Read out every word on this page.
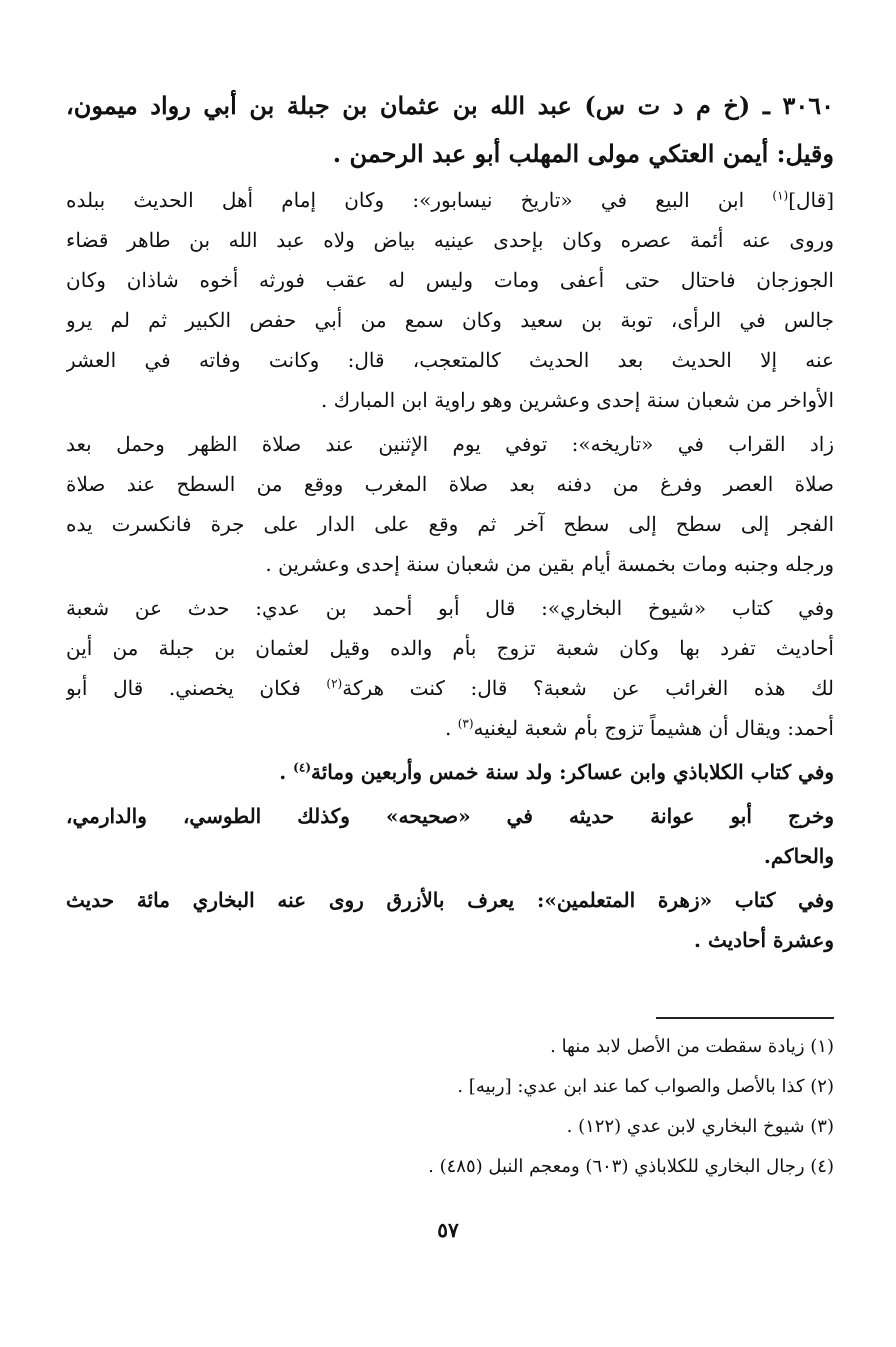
٣٠٦٠ ـ (خ م د ت س) عبد الله بن عثمان بن جبلة بن أبي رواد ميمون،
وقيل: أيمن العتكي مولى المهلب أبو عبد الرحمن .
[قال]$^{(١)}$ ابن البيع في «تاريخ نيسابور»: وكان إمام أهل الحديث ببلده
وروى عنه أئمة عصره وكان بإحدى عينيه بياض ولاه عبد الله بن طاهر قضاء
الجوزجان فاحتال حتى أعفى ومات وليس له عقب فورثه أخوه شاذان وكان
جالس في الرأى، توبة بن سعيد وكان سمع من أبي حفص الكبير ثم لم يرو
عنه إلا الحديث بعد الحديث كالمتعجب، قال: وكانت وفاته في العشر
الأواخر من شعبان سنة إحدى وعشرين وهو راوية ابن المبارك .
زاد القراب في «تاريخه»: توفي يوم الإثنين عند صلاة الظهر وحمل بعد
صلاة العصر وفرغ من دفنه بعد صلاة المغرب ووقع من السطح عند صلاة
الفجر إلى سطح إلى سطح آخر ثم وقع على الدار على جرة فانكسرت يده
ورجله وجنبه ومات بخمسة أيام بقين من شعبان سنة إحدى وعشرين .
وفي كتاب «شيوخ البخاري»: قال أبو أحمد بن عدي: حدث عن شعبة
أحاديث تفرد بها وكان شعبة تزوج بأم والده وقيل لعثمان بن جبلة من أين
لك هذه الغرائب عن شعبة؟ قال: كنت هركة$^{(٢)}$ فكان يخصني. قال أبو
أحمد: ويقال أن هشيماً تزوج بأم شعبة ليغنيه$^{(٣)}$ .
وفي كتاب الكلاباذي وابن عساكر: ولد سنة خمس وأربعين ومائة$^{(٤)}$ .
وخرج أبو عوانة حديثه في «صحيحه» وكذلك الطوسي، والدارمي،
والحاكم.
وفي كتاب «زهرة المتعلمين»: يعرف بالأزرق روى عنه البخاري مائة حديث
وعشرة أحاديث .
(١) زيادة سقطت من الأصل لابد منها .
(٢) كذا بالأصل والصواب كما عند ابن عدي: [ربيه] .
(٣) شيوخ البخاري لابن عدي (١٢٢) .
(٤) رجال البخاري للكلاباذي (٦٠٣) ومعجم النبل (٤٨٥) .
٥٧
